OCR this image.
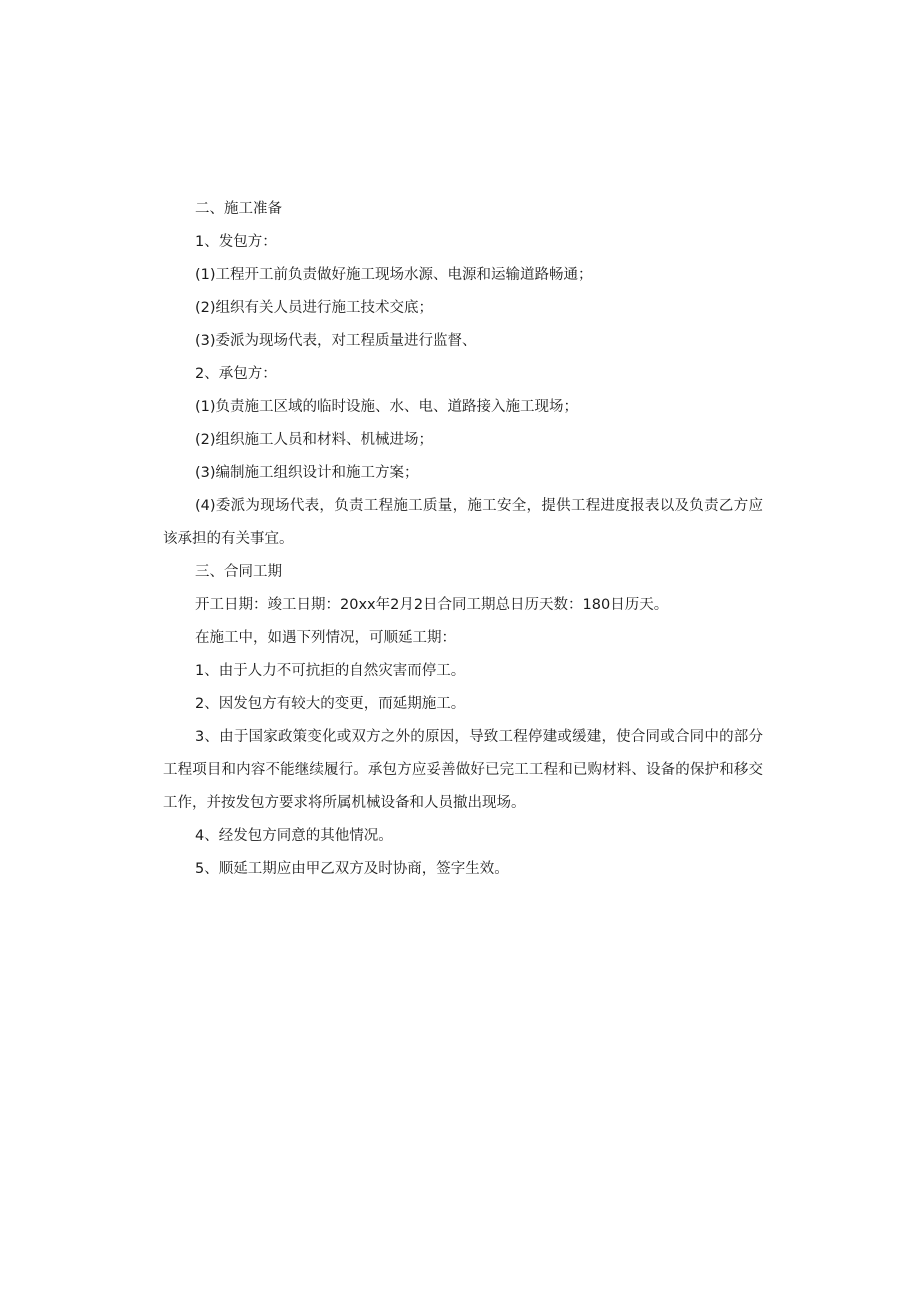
二、施工准备

1、发包方：

(1)工程开工前负责做好施工现场水源、电源和运输道路畅通；

(2)组织有关人员进行施工技术交底；

(3)委派为现场代表，对工程质量进行监督、

2、承包方：

(1)负责施工区域的临时设施、水、电、道路接入施工现场；

(2)组织施工人员和材料、机械进场；

(3)编制施工组织设计和施工方案；

(4)委派为现场代表，负责工程施工质量，施工安全，提供工程进度报表以及负责乙方应该承担的有关事宜。

三、合同工期

开工日期：竣工日期：20xx年2月2日合同工期总日历天数：180日历天。

在施工中，如遇下列情况，可顺延工期：

1、由于人力不可抗拒的自然灾害而停工。

2、因发包方有较大的变更，而延期施工。

3、由于国家政策变化或双方之外的原因，导致工程停建或缓建，使合同或合同中的部分工程项目和内容不能继续履行。承包方应妥善做好已完工工程和已购材料、设备的保护和移交工作，并按发包方要求将所属机械设备和人员撤出现场。

4、经发包方同意的其他情况。

5、顺延工期应由甲乙双方及时协商，签字生效。
